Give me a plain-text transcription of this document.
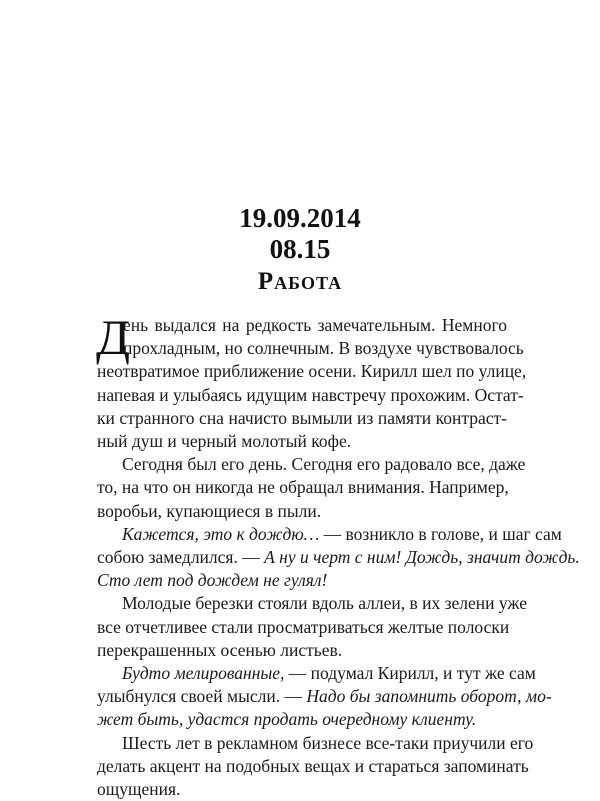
19.09.2014
08.15
Работа
Д
ень выдался на редкость замечательным. Немного
прохладным, но солнечным. В воздухе чувствовалось
неотвратимое приближение осени. Кирилл шел по улице,
напевая и улыбаясь идущим навстречу прохожим. Остат-
ки странного сна начисто вымыли из памяти контраст-
ный душ и черный молотый кофе.
Сегодня был его день. Сегодня его радовало все, даже
то, на что он никогда не обращал внимания. Например,
воробьи, купающиеся в пыли.
Кажется, это к дождю… — возникло в голове, и шаг сам
собою замедлился. — А ну и черт с ним! Дождь, значит дождь.
Сто лет под дождем не гулял!
Молодые березки стояли вдоль аллеи, в их зелени уже
все отчетливее стали просматриваться желтые полоски
перекрашенных осенью листьев.
Будто мелированные, — подумал Кирилл, и тут же сам
улыбнулся своей мысли. — Надо бы запомнить оборот, мо-
жет быть, удастся продать очередному клиенту.
Шесть лет в рекламном бизнесе все-таки приучили его
делать акцент на подобных вещах и стараться запоминать
ощущения.
